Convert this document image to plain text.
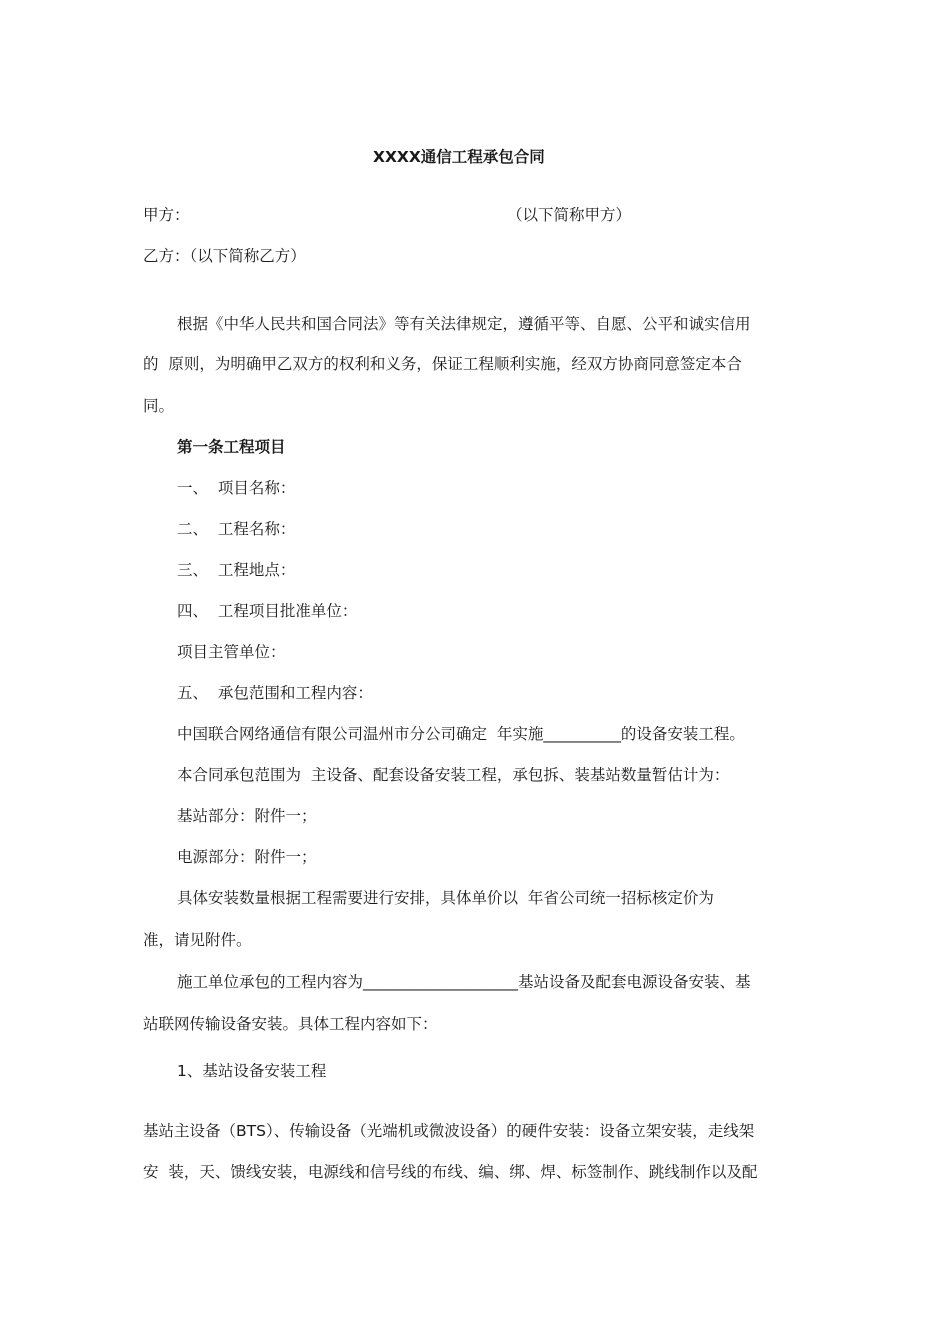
XXXX通信工程承包合同
甲方：	（以下简称甲方）
乙方：（以下简称乙方）
根据《中华人民共和国合同法》等有关法律规定，遵循平等、自愿、公平和诚实信用
的  原则，为明确甲乙双方的权利和义务，保证工程顺利实施，经双方协商同意签定本合
同。
第一条工程项目
一、  项目名称：
二、  工程名称：
三、  工程地点：
四、  工程项目批准单位：
项目主管单位：
五、  承包范围和工程内容：
中国联合网络通信有限公司温州市分公司确定  年实施__________的设备安装工程。
本合同承包范围为  主设备、配套设备安装工程，承包拆、装基站数量暂估计为：
基站部分：附件一；
电源部分：附件一；
具体安装数量根据工程需要进行安排，具体单价以  年省公司统一招标核定价为
准，请见附件。
施工单位承包的工程内容为____________________基站设备及配套电源设备安装、基
站联网传输设备安装。具体工程内容如下：
1、基站设备安装工程
基站主设备（BTS）、传输设备（光端机或微波设备）的硬件安装：设备立架安装，走线架
安  装，天、馈线安装，电源线和信号线的布线、编、绑、焊、标签制作、跳线制作以及配
